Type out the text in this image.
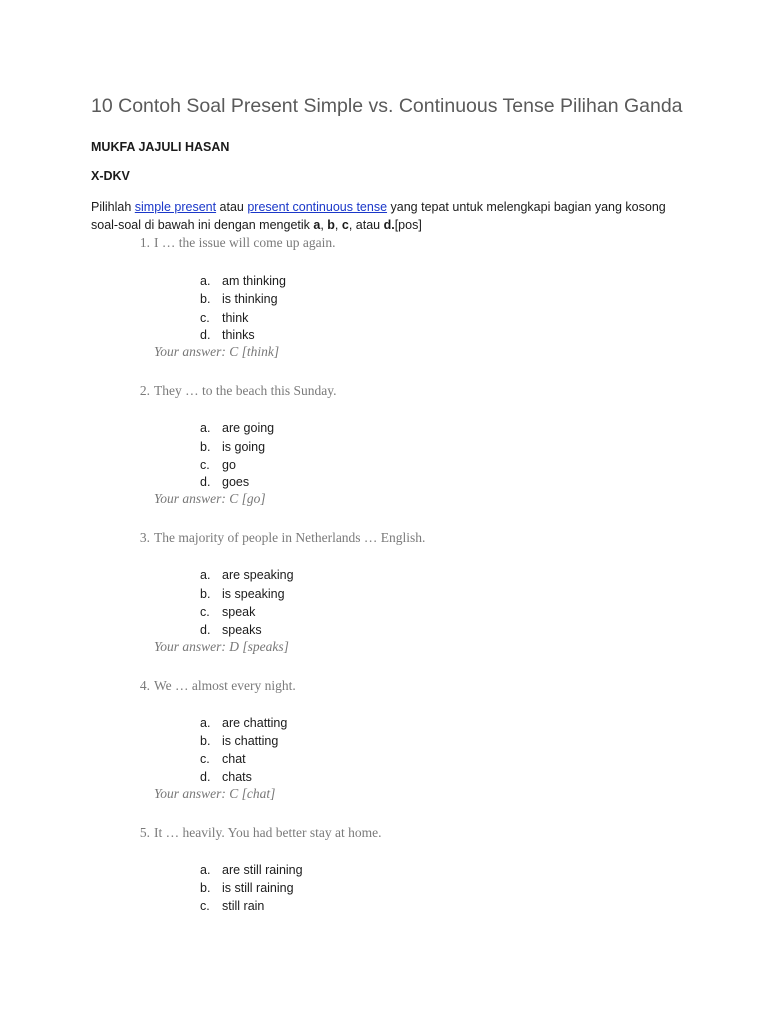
10 Contoh Soal Present Simple vs. Continuous Tense Pilihan Ganda
MUKFA JAJULI HASAN
X-DKV
Pilihlah simple present atau present continuous tense yang tepat untuk melengkapi bagian yang kosong soal-soal di bawah ini dengan mengetik a, b, c, atau d.[pos]
1. I … the issue will come up again.
a. am thinking
b. is thinking
c. think
d. thinks
Your answer: C [think]
2. They … to the beach this Sunday.
a. are going
b. is going
c. go
d. goes
Your answer: C [go]
3. The majority of people in Netherlands … English.
a. are speaking
b. is speaking
c. speak
d. speaks
Your answer: D [speaks]
4. We … almost every night.
a. are chatting
b. is chatting
c. chat
d. chats
Your answer: C [chat]
5. It … heavily. You had better stay at home.
a. are still raining
b. is still raining
c. still rain
